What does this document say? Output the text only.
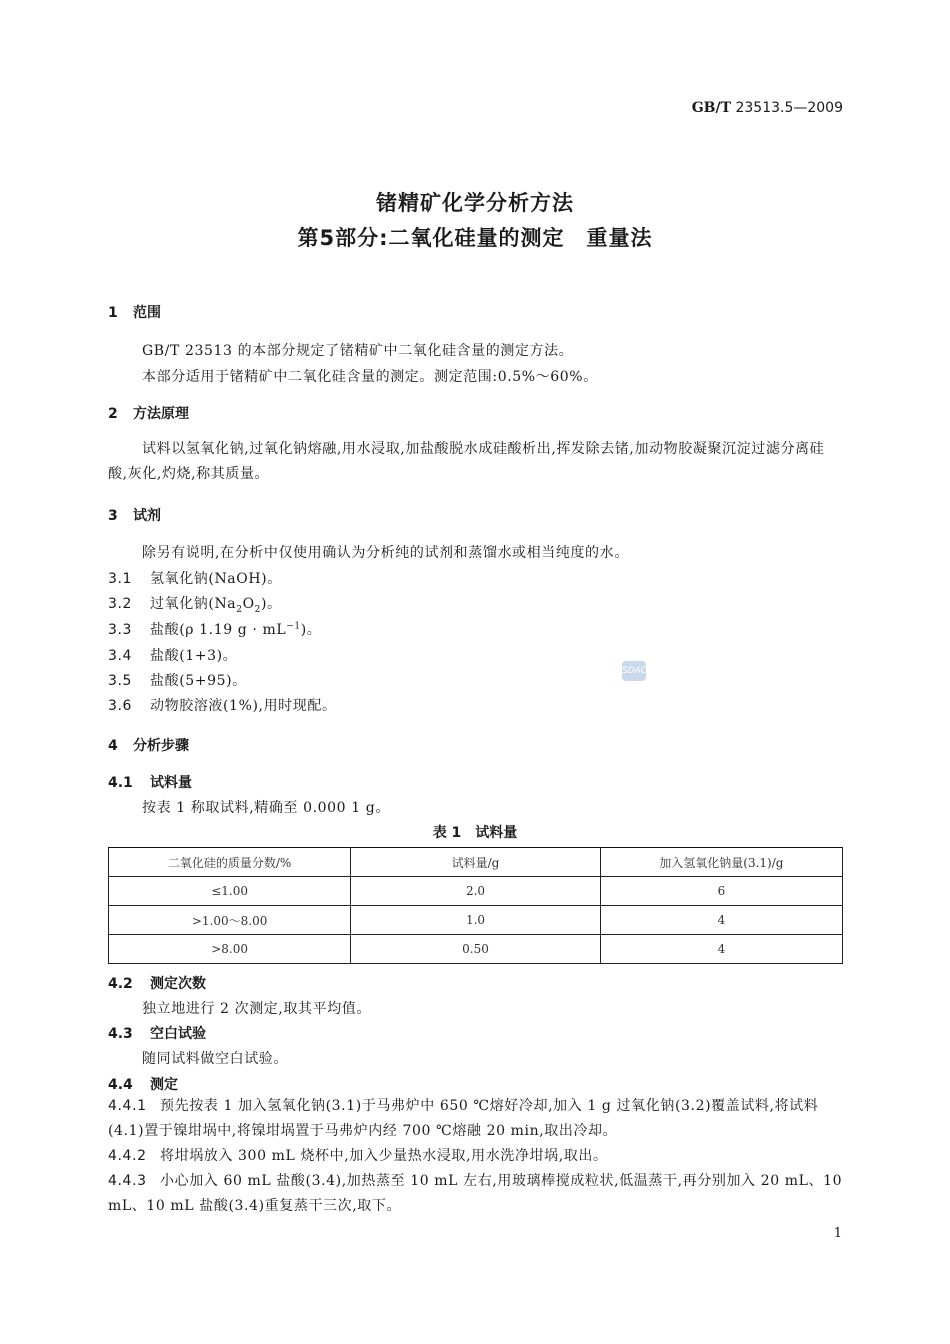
GB/T 23513.5—2009
锗精矿化学分析方法
第5部分:二氧化硅量的测定　重量法
1 范围
GB/T 23513 的本部分规定了锗精矿中二氧化硅含量的测定方法。
本部分适用于锗精矿中二氧化硅含量的测定。测定范围:0.5%～60%。
2 方法原理
试料以氢氧化钠,过氧化钠熔融,用水浸取,加盐酸脱水成硅酸析出,挥发除去锗,加动物胶凝聚沉淀过滤分离硅酸,灰化,灼烧,称其质量。
3 试剂
除另有说明,在分析中仅使用确认为分析纯的试剂和蒸馏水或相当纯度的水。
3.1 氢氧化钠(NaOH)。
3.2 过氧化钠$(Na_2O_2)$。
3.3 盐酸(ρ 1.19 $g \cdot mL^{-1}$)。
3.4 盐酸(1+3)。
3.5 盐酸(5+95)。
3.6 动物胶溶液(1%),用时现配。
SDAC
4 分析步骤
4.1 试料量
按表 1 称取试料,精确至 0.000 1 g。
表 1　试料量
二氧化硅的质量分数/%	试料量/g	加入氢氧化钠量(3.1)/g
≤1.00	2.0	6
>1.00～8.00	1.0	4
>8.00	0.50	4
4.2 测定次数
独立地进行 2 次测定,取其平均值。
4.3 空白试验
随同试料做空白试验。
4.4 测定
4.4.1 预先按表 1 加入氢氧化钠(3.1)于马弗炉中 650 ℃熔好冷却,加入 1 g 过氧化钠(3.2)覆盖试料,将试料(4.1)置于镍坩埚中,将镍坩埚置于马弗炉内经 700 ℃熔融 20 min,取出冷却。
4.4.2 将坩埚放入 300 mL 烧杯中,加入少量热水浸取,用水洗净坩埚,取出。
4.4.3 小心加入 60 mL 盐酸(3.4),加热蒸至 10 mL 左右,用玻璃棒搅成粒状,低温蒸干,再分别加入 20 mL、10 mL、10 mL 盐酸(3.4)重复蒸干三次,取下。
1
